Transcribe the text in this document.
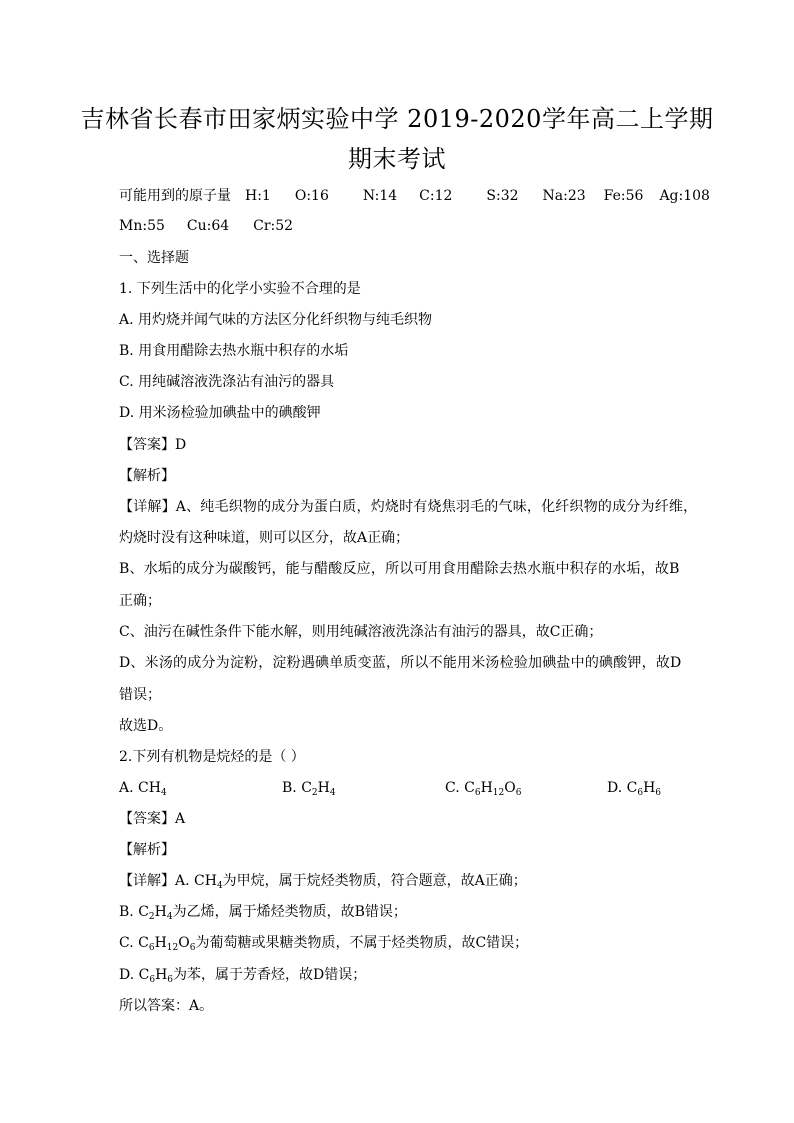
吉林省长春市田家炳实验中学 2019-2020学年高二上学期
期末考试
可能用到的原子量 H:1 O:16 N:14 C:12 S:32 Na:23 Fe:56 Ag:108
Mn:55 Cu:64 Cr:52
一、选择题
1. 下列生活中的化学小实验不合理的是
A. 用灼烧并闻气味的方法区分化纤织物与纯毛织物
B. 用食用醋除去热水瓶中积存的水垢
C. 用纯碱溶液洗涤沾有油污的器具
D. 用米汤检验加碘盐中的碘酸钾
【答案】D
【解析】
【详解】A、纯毛织物的成分为蛋白质，灼烧时有烧焦羽毛的气味，化纤织物的成分为纤维，
灼烧时没有这种味道，则可以区分，故A正确；
B、水垢的成分为碳酸钙，能与醋酸反应，所以可用食用醋除去热水瓶中积存的水垢，故B
正确；
C、油污在碱性条件下能水解，则用纯碱溶液洗涤沾有油污的器具，故C正确；
D、米汤的成分为淀粉，淀粉遇碘单质变蓝，所以不能用米汤检验加碘盐中的碘酸钾，故D
错误；
故选D。
2.下列有机物是烷烃的是（ ）
A. $CH_4$	B. $C_2H_4$	C. $C_6H_{12}O_6$	D. $C_6H_6$
【答案】A
【解析】
【详解】A. $CH_4$为甲烷，属于烷烃类物质，符合题意，故A正确；
B. $C_2H_4$为乙烯，属于烯烃类物质，故B错误；
C. $C_6H_{12}O_6$为葡萄糖或果糖类物质，不属于烃类物质，故C错误；
D. $C_6H_6$为苯，属于芳香烃，故D错误；
所以答案：A。
